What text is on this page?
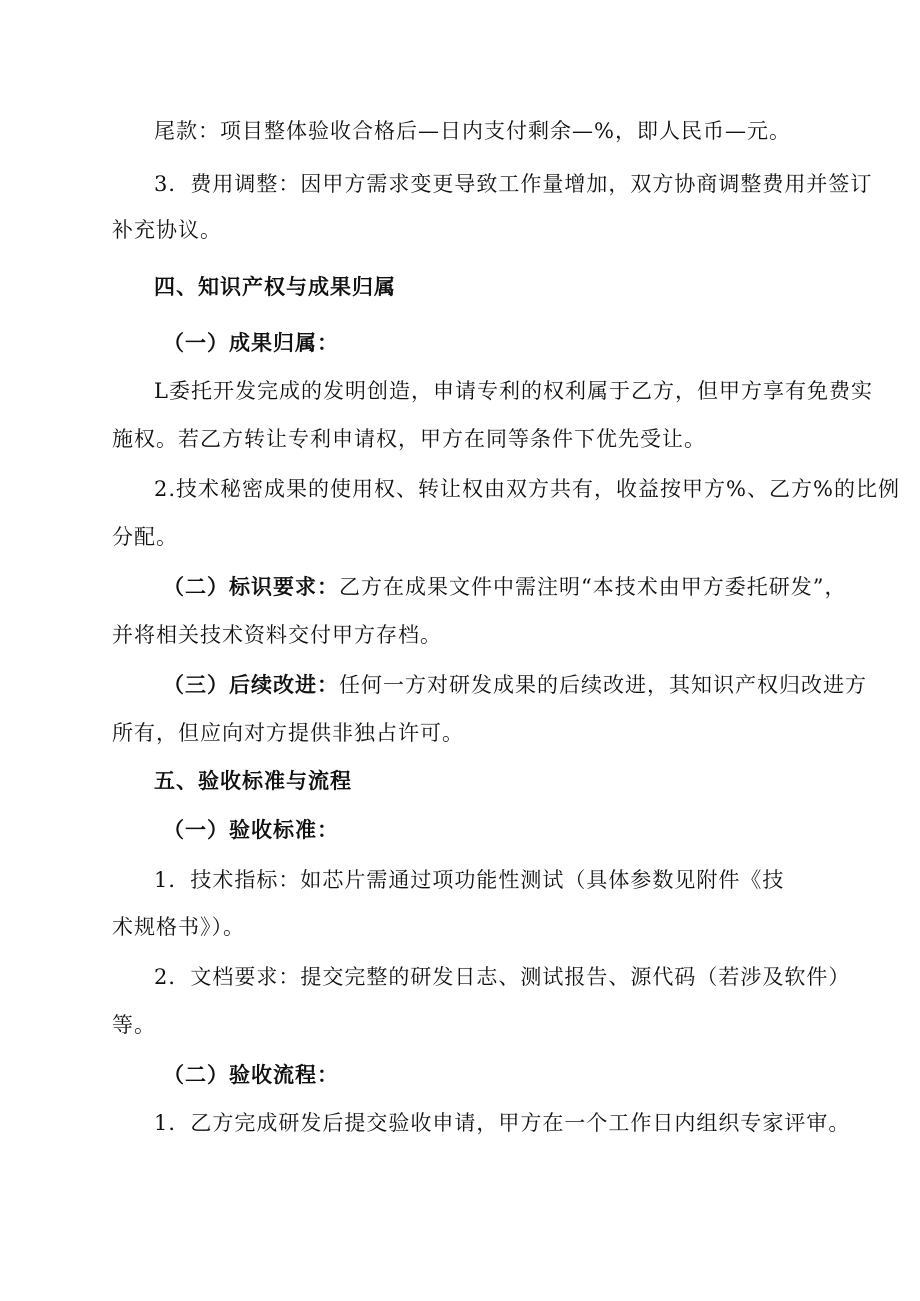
尾款：项目整体验收合格后—日内支付剩余—%，即人民币—元。

3．费用调整：因甲方需求变更导致工作量增加，双方协商调整费用并签订

补充协议。

四、知识产权与成果归属

（一）成果归属：

L委托开发完成的发明创造，申请专利的权利属于乙方，但甲方享有免费实

施权。若乙方转让专利申请权，甲方在同等条件下优先受让。

2.技术秘密成果的使用权、转让权由双方共有，收益按甲方%、乙方%的比例

分配。

（二）标识要求：乙方在成果文件中需注明“本技术由甲方委托研发”，

并将相关技术资料交付甲方存档。

（三）后续改进：任何一方对研发成果的后续改进，其知识产权归改进方

所有，但应向对方提供非独占许可。

五、验收标准与流程

（一）验收标准：

1．技术指标：如芯片需通过项功能性测试（具体参数见附件《技

术规格书》）。

2．文档要求：提交完整的研发日志、测试报告、源代码（若涉及软件）

等。

（二）验收流程：

1．乙方完成研发后提交验收申请，甲方在一个工作日内组织专家评审。
